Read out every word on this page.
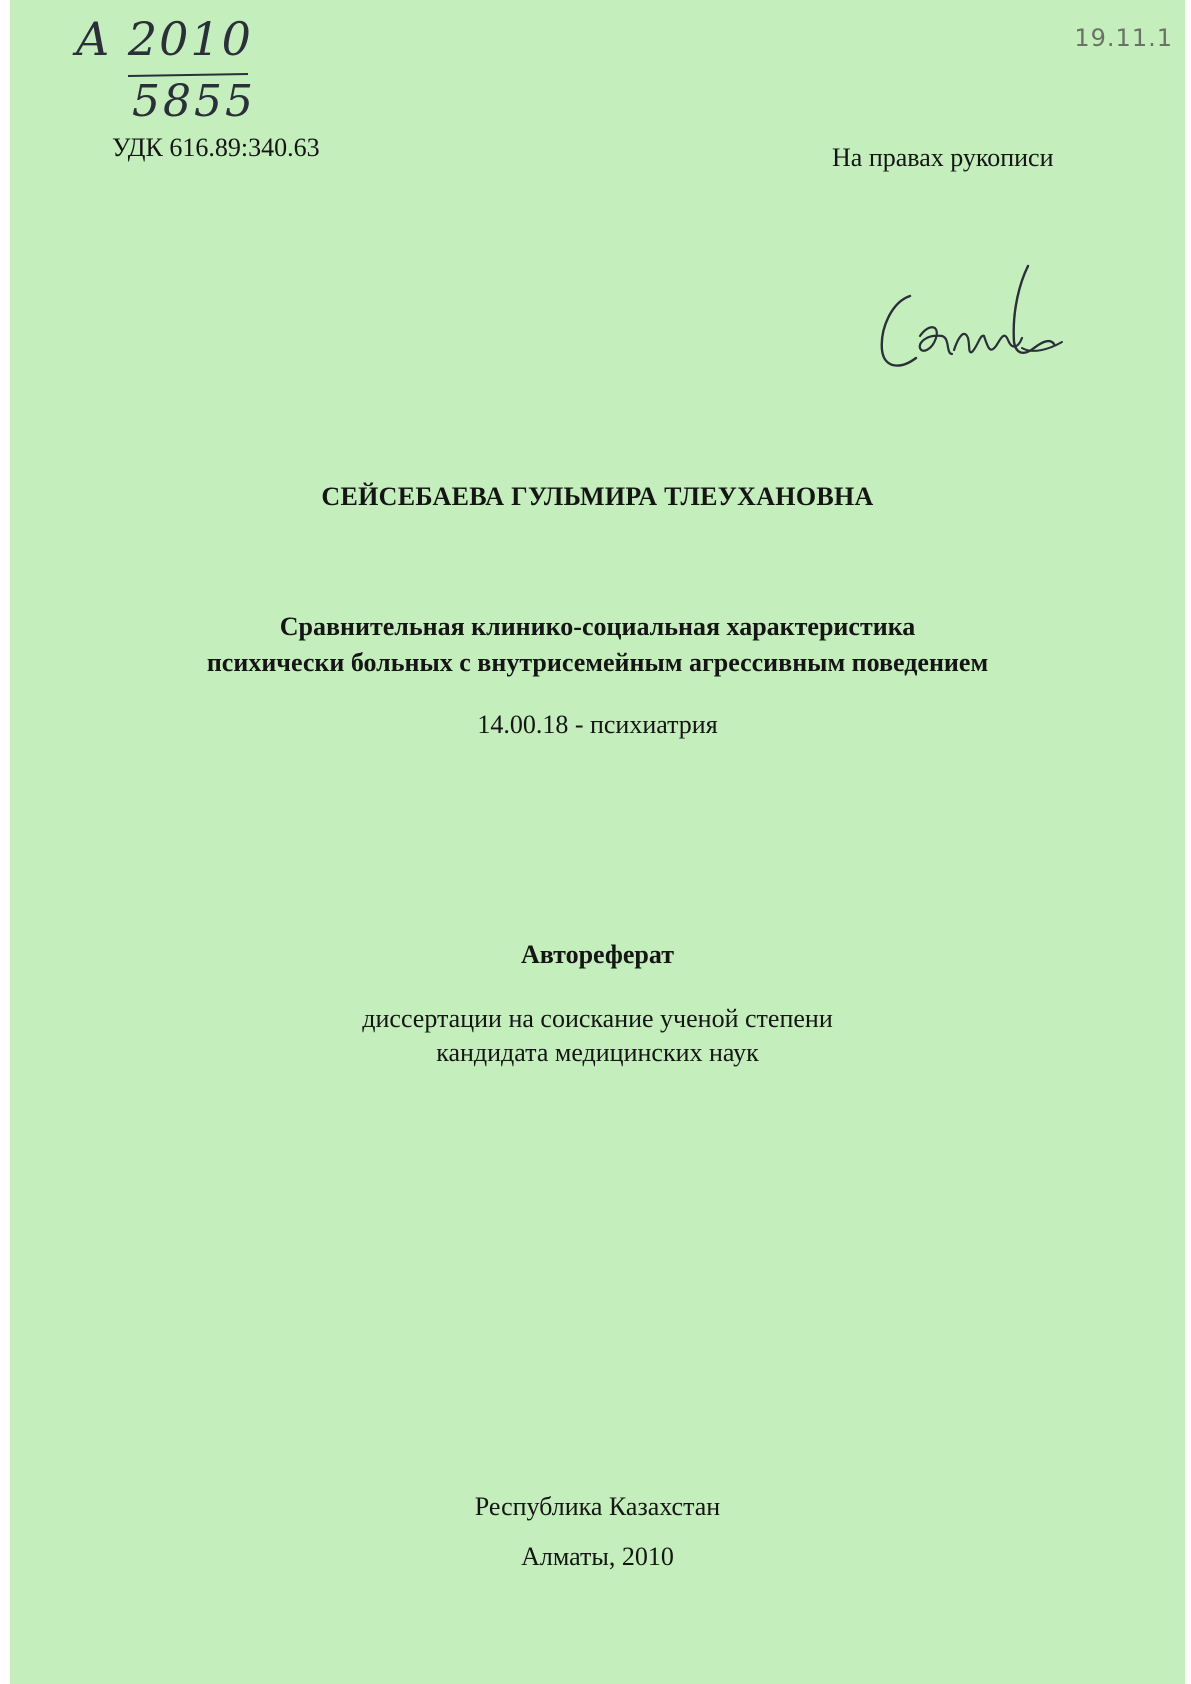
A 2010
5855
19.11.1
УДК 616.89:340.63	На правах рукописи
СЕЙСЕБАЕВА ГУЛЬМИРА ТЛЕУХАНОВНА
Сравнительная клинико-социальная характеристика
психически больных с внутрисемейным агрессивным поведением
14.00.18 - психиатрия
Автореферат
диссертации на соискание ученой степени
кандидата медицинских наук
Республика Казахстан
Алматы, 2010
